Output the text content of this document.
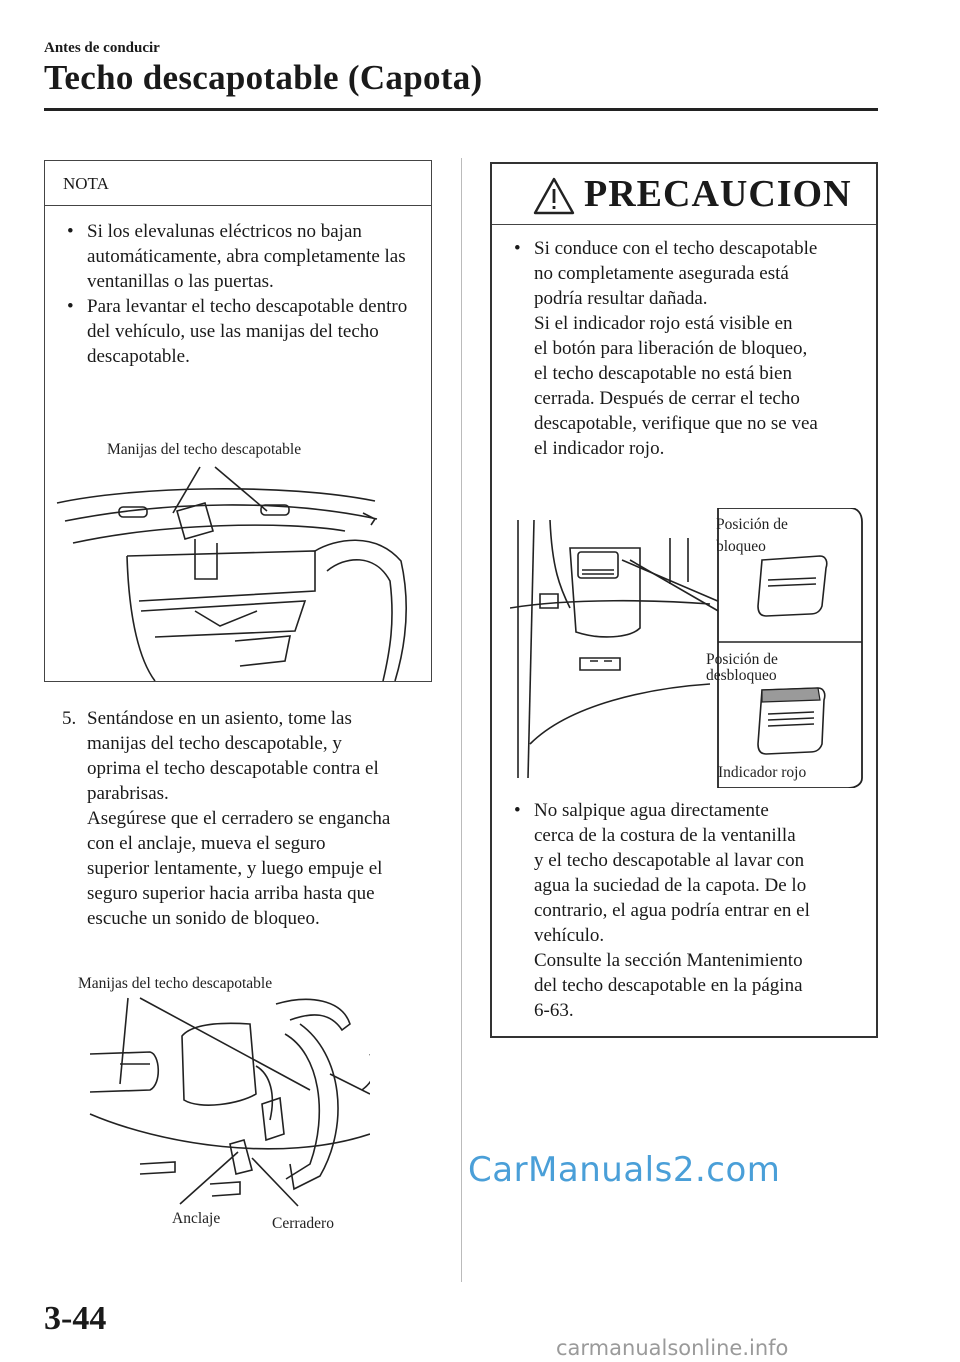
Antes de conducir
Techo descapotable (Capota)
NOTA
• Si los elevalunas eléctricos no bajan automáticamente, abra completamente las ventanillas o las puertas.
• Para levantar el techo descapotable dentro del vehículo, use las manijas del techo descapotable.
Manijas del techo descapotable
5. Sentándose en un asiento, tome las
manijas del techo descapotable, y
oprima el techo descapotable contra el
parabrisas.
Asegúrese que el cerradero se engancha
con el anclaje, mueva el seguro
superior lentamente, y luego empuje el
seguro superior hacia arriba hasta que
escuche un sonido de bloqueo.
Manijas del techo descapotable
Anclaje	Cerradero
PRECAUCION
• Si conduce con el techo descapotable
no completamente asegurada está
podría resultar dañada.
Si el indicador rojo está visible en
el botón para liberación de bloqueo,
el techo descapotable no está bien
cerrada. Después de cerrar el techo
descapotable, verifique que no se vea
el indicador rojo.
Posición de
bloqueo
Posición de
desbloqueo
Indicador rojo
• No salpique agua directamente
cerca de la costura de la ventanilla
y el techo descapotable al lavar con
agua la suciedad de la capota. De lo
contrario, el agua podría entrar en el
vehículo.
Consulte la sección Mantenimiento
del techo descapotable en la página
6-63.
CarManuals2.com
3-44
carmanualsonline.info
